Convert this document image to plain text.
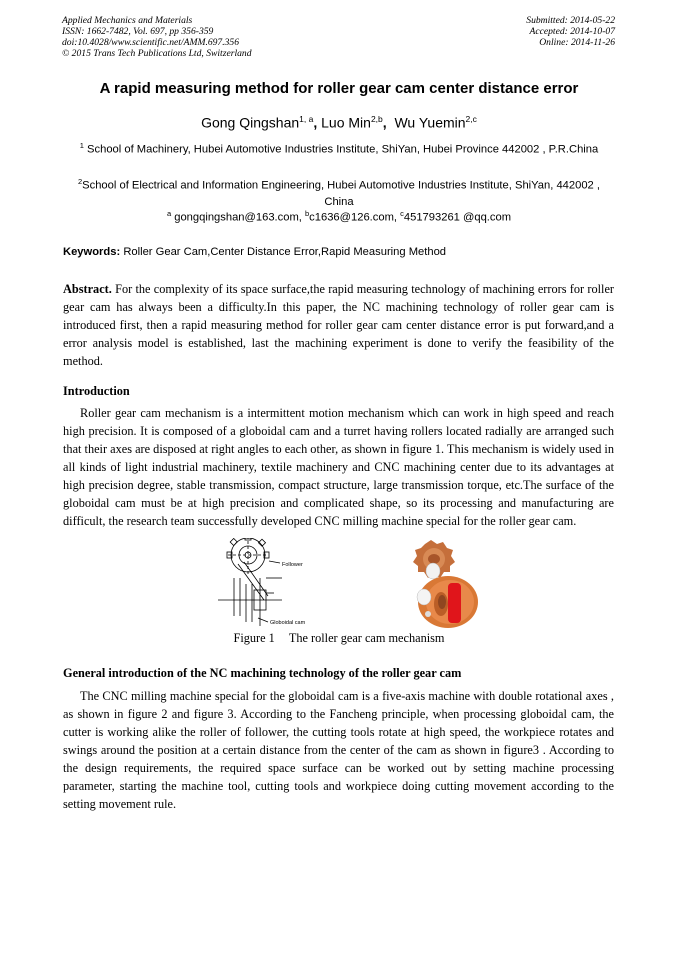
Applied Mechanics and Materials
ISSN: 1662-7482, Vol. 697, pp 356-359
doi:10.4028/www.scientific.net/AMM.697.356
© 2015 Trans Tech Publications Ltd, Switzerland
Submitted: 2014-05-22
Accepted: 2014-10-07
Online: 2014-11-26
A rapid measuring method for roller gear cam center distance error
Gong Qingshan$^{1, a}$, Luo Min$^{2,b}$,  Wu Yuemin$^{2,c}$
$^1$ School of Machinery, Hubei Automotive Industries Institute, ShiYan, Hubei Province 442002 , P.R.China
$^2$School of Electrical and Information Engineering, Hubei Automotive Industries Institute, ShiYan, 442002 , China
$^a$ gongqingshan@163.com, $^b$c1636@126.com, $^c$451793261 @qq.com
Keywords: Roller Gear Cam,Center Distance Error,Rapid Measuring Method
Abstract. For the complexity of its space surface,the rapid measuring technology of machining errors for roller gear cam has always been a difficulty.In this paper, the NC machining technology of roller gear cam is introduced first, then a rapid measuring method for roller gear cam center distance error is put forward,and a error analysis model is established, last the machining experiment is done to verify the feasibility of the method.
Introduction
Roller gear cam mechanism is a intermittent motion mechanism which can work in high speed and reach high precision. It is composed of a globoidal cam and a turret having rollers located radially are arranged such that their axes are disposed at right angles to each other, as shown in figure 1. This mechanism is widely used in all kinds of light industrial machinery, textile machinery and CNC machining center due to its advantages at high precision degree, stable transmission, compact structure, large transmission torque, etc.The surface of the globoidal cam must be at high precision and complicated shape, so its processing and manufacturing are difficult, the research team successfully developed CNC milling machine special for the roller gear cam.
Follower
Globoidal cam
Figure 1 The roller gear cam mechanism
General introduction of the NC machining technology of the roller gear cam
The CNC milling machine special for the globoidal cam is a five-axis machine with double rotational axes , as shown in figure 2 and figure 3. According to the Fancheng principle, when processing globoidal cam, the cutter is working alike the roller of follower, the cutting tools rotate at high speed, the workpiece rotates and swings around the position at a certain distance from the center of the cam as shown in figure3 . According to the design requirements, the required space surface can be worked out by setting machine processing parameter, starting the machine tool, cutting tools and workpiece doing cutting movement according to the setting movement rule.
